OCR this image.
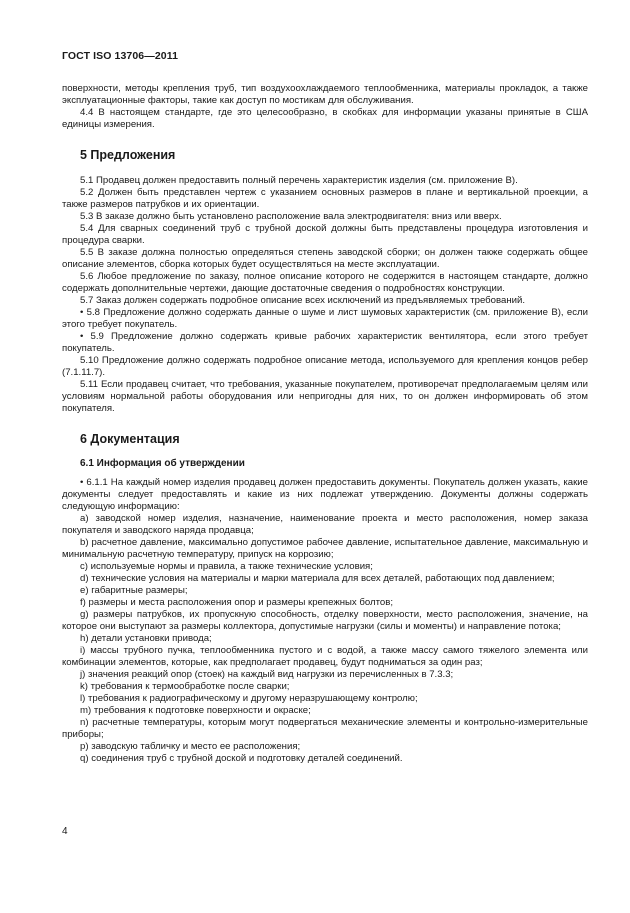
ГОСТ ISO 13706—2011

поверхности, методы крепления труб, тип воздухоохлаждаемого теплообменника, материалы прокладок, а также эксплуатационные факторы, такие как доступ по мостикам для обслуживания.

4.4 В настоящем стандарте, где это целесообразно, в скобках для информации указаны принятые в США единицы измерения.

5 Предложения

5.1 Продавец должен предоставить полный перечень характеристик изделия (см. приложение В).

5.2 Должен быть представлен чертеж с указанием основных размеров в плане и вертикальной проекции, а также размеров патрубков и их ориентации.

5.3 В заказе должно быть установлено расположение вала электродвигателя: вниз или вверх.

5.4 Для сварных соединений труб с трубной доской должны быть представлены процедура изготовления и процедура сварки.

5.5 В заказе должна полностью определяться степень заводской сборки; он должен также содержать общее описание элементов, сборка которых будет осуществляться на месте эксплуатации.

5.6 Любое предложение по заказу, полное описание которого не содержится в настоящем стандарте, должно содержать дополнительные чертежи, дающие достаточные сведения о подробностях конструкции.

5.7 Заказ должен содержать подробное описание всех исключений из предъявляемых требований.

• 5.8 Предложение должно содержать данные о шуме и лист шумовых характеристик (см. приложение В), если этого требует покупатель.

• 5.9 Предложение должно содержать кривые рабочих характеристик вентилятора, если этого требует покупатель.

5.10 Предложение должно содержать подробное описание метода, используемого для крепления концов ребер (7.1.11.7).

5.11 Если продавец считает, что требования, указанные покупателем, противоречат предполагаемым целям или условиям нормальной работы оборудования или непригодны для них, то он должен информировать об этом покупателя.

6 Документация
6.1 Информация об утверждении

• 6.1.1 На каждый номер изделия продавец должен предоставить документы. Покупатель должен указать, какие документы следует предоставлять и какие из них подлежат утверждению. Документы должны содержать следующую информацию:

a) заводской номер изделия, назначение, наименование проекта и место расположения, номер заказа покупателя и заводского наряда продавца;

b) расчетное давление, максимально допустимое рабочее давление, испытательное давление, максимальную и минимальную расчетную температуру, припуск на коррозию;

c) используемые нормы и правила, а также технические условия;

d) технические условия на материалы и марки материала для всех деталей, работающих под давлением;

e) габаритные размеры;

f) размеры и места расположения опор и размеры крепежных болтов;

g) размеры патрубков, их пропускную способность, отделку поверхности, место расположения, значение, на которое они выступают за размеры коллектора, допустимые нагрузки (силы и моменты) и направление потока;

h) детали установки привода;

i) массы трубного пучка, теплообменника пустого и с водой, а также массу самого тяжелого элемента или комбинации элементов, которые, как предполагает продавец, будут подниматься за один раз;

j) значения реакций опор (стоек) на каждый вид нагрузки из перечисленных в 7.3.3;

k) требования к термообработке после сварки;

l) требования к радиографическому и другому неразрушающему контролю;

m) требования к подготовке поверхности и окраске;

n) расчетные температуры, которым могут подвергаться механические элементы и контрольно-измерительные приборы;

p) заводскую табличку и место ее расположения;

q) соединения труб с трубной доской и подготовку деталей соединений.

4
